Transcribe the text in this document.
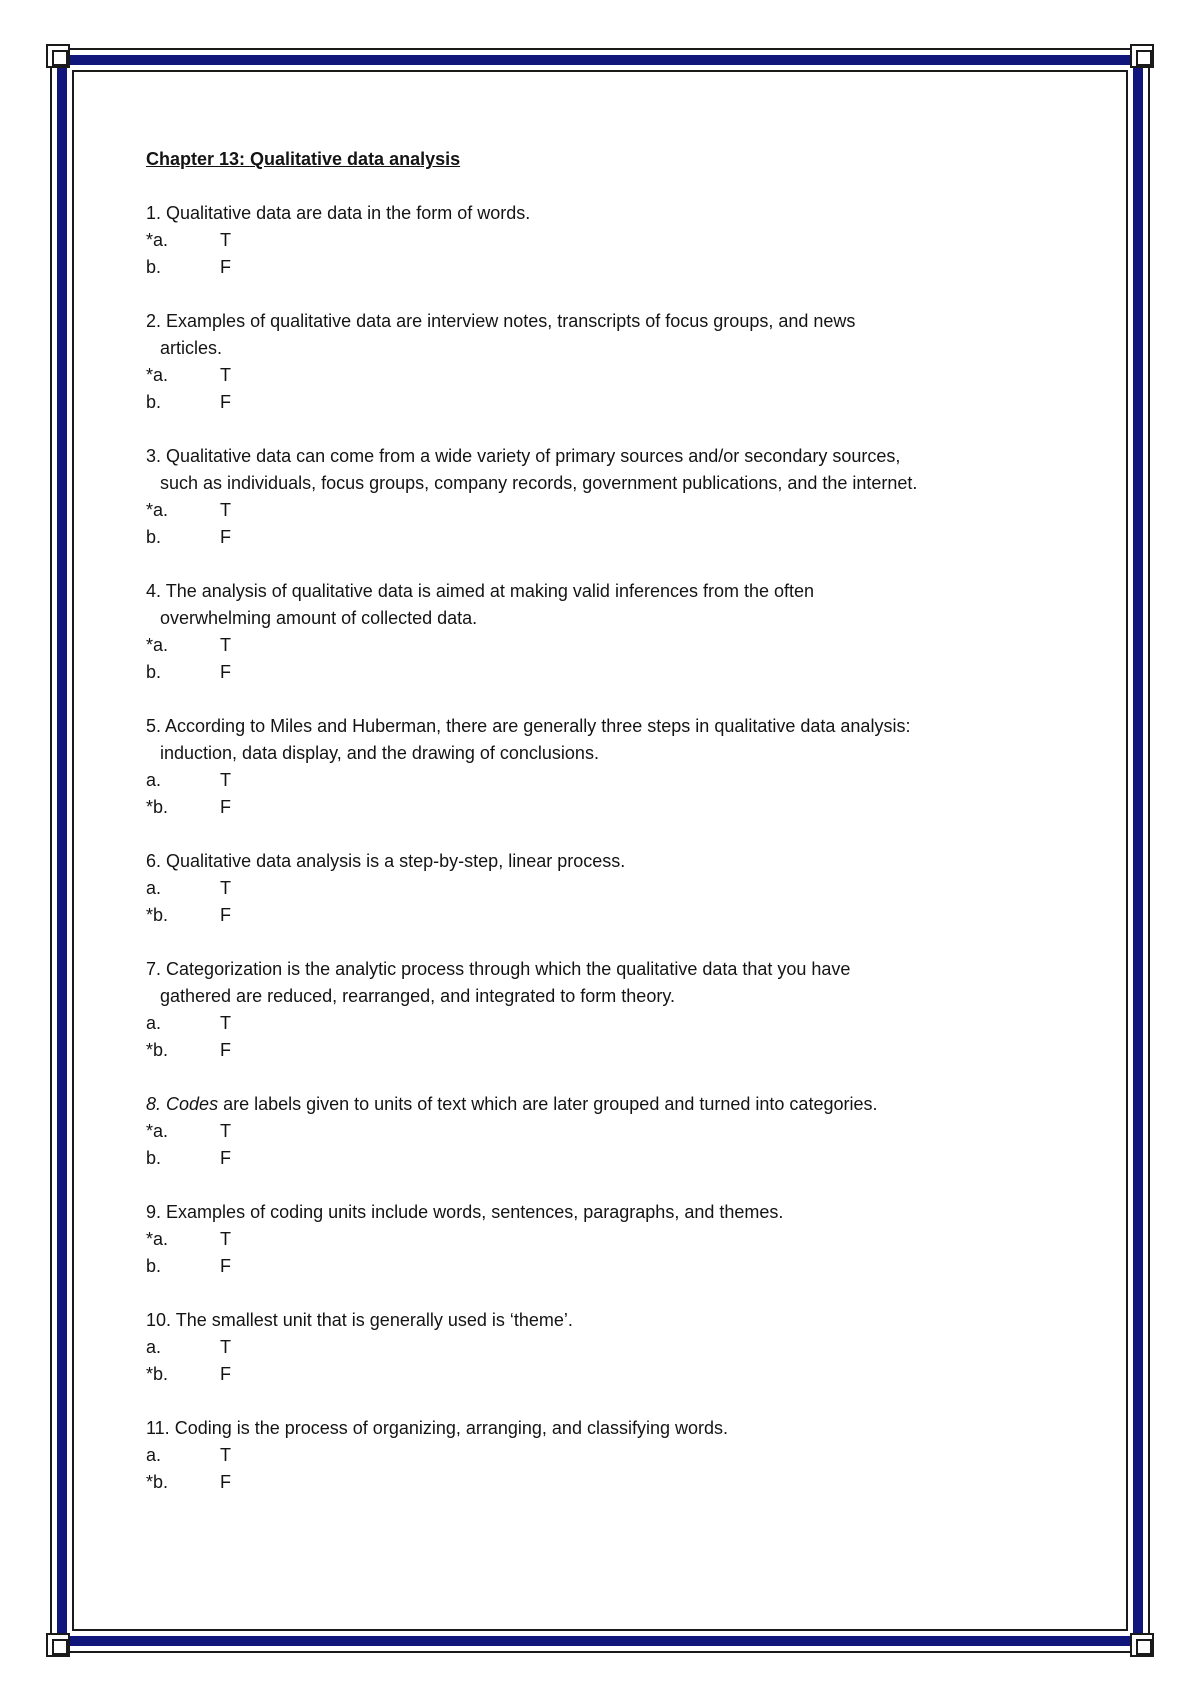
Chapter 13: Qualitative data analysis
1. Qualitative data are data in the form of words.
*a.	T
b.	F
2. Examples of qualitative data are interview notes, transcripts of focus groups, and news
articles.
*a.	T
b.	F
3. Qualitative data can come from a wide variety of primary sources and/or secondary sources,
such as individuals, focus groups, company records, government publications, and the internet.
*a.	T
b.	F
4. The analysis of qualitative data is aimed at making valid inferences from the often
overwhelming amount of collected data.
*a.	T
b.	F
5. According to Miles and Huberman, there are generally three steps in qualitative data analysis:
induction, data display, and the drawing of conclusions.
a.	T
*b.	F
6. Qualitative data analysis is a step-by-step, linear process.
a.	T
*b.	F
7. Categorization is the analytic process through which the qualitative data that you have
gathered are reduced, rearranged, and integrated to form theory.
a.	T
*b.	F
8. Codes are labels given to units of text which are later grouped and turned into categories.
*a.	T
b.	F
9. Examples of coding units include words, sentences, paragraphs, and themes.
*a.	T
b.	F
10. The smallest unit that is generally used is ‘theme’.
a.	T
*b.	F
11. Coding is the process of organizing, arranging, and classifying words.
a.	T
*b.	F
